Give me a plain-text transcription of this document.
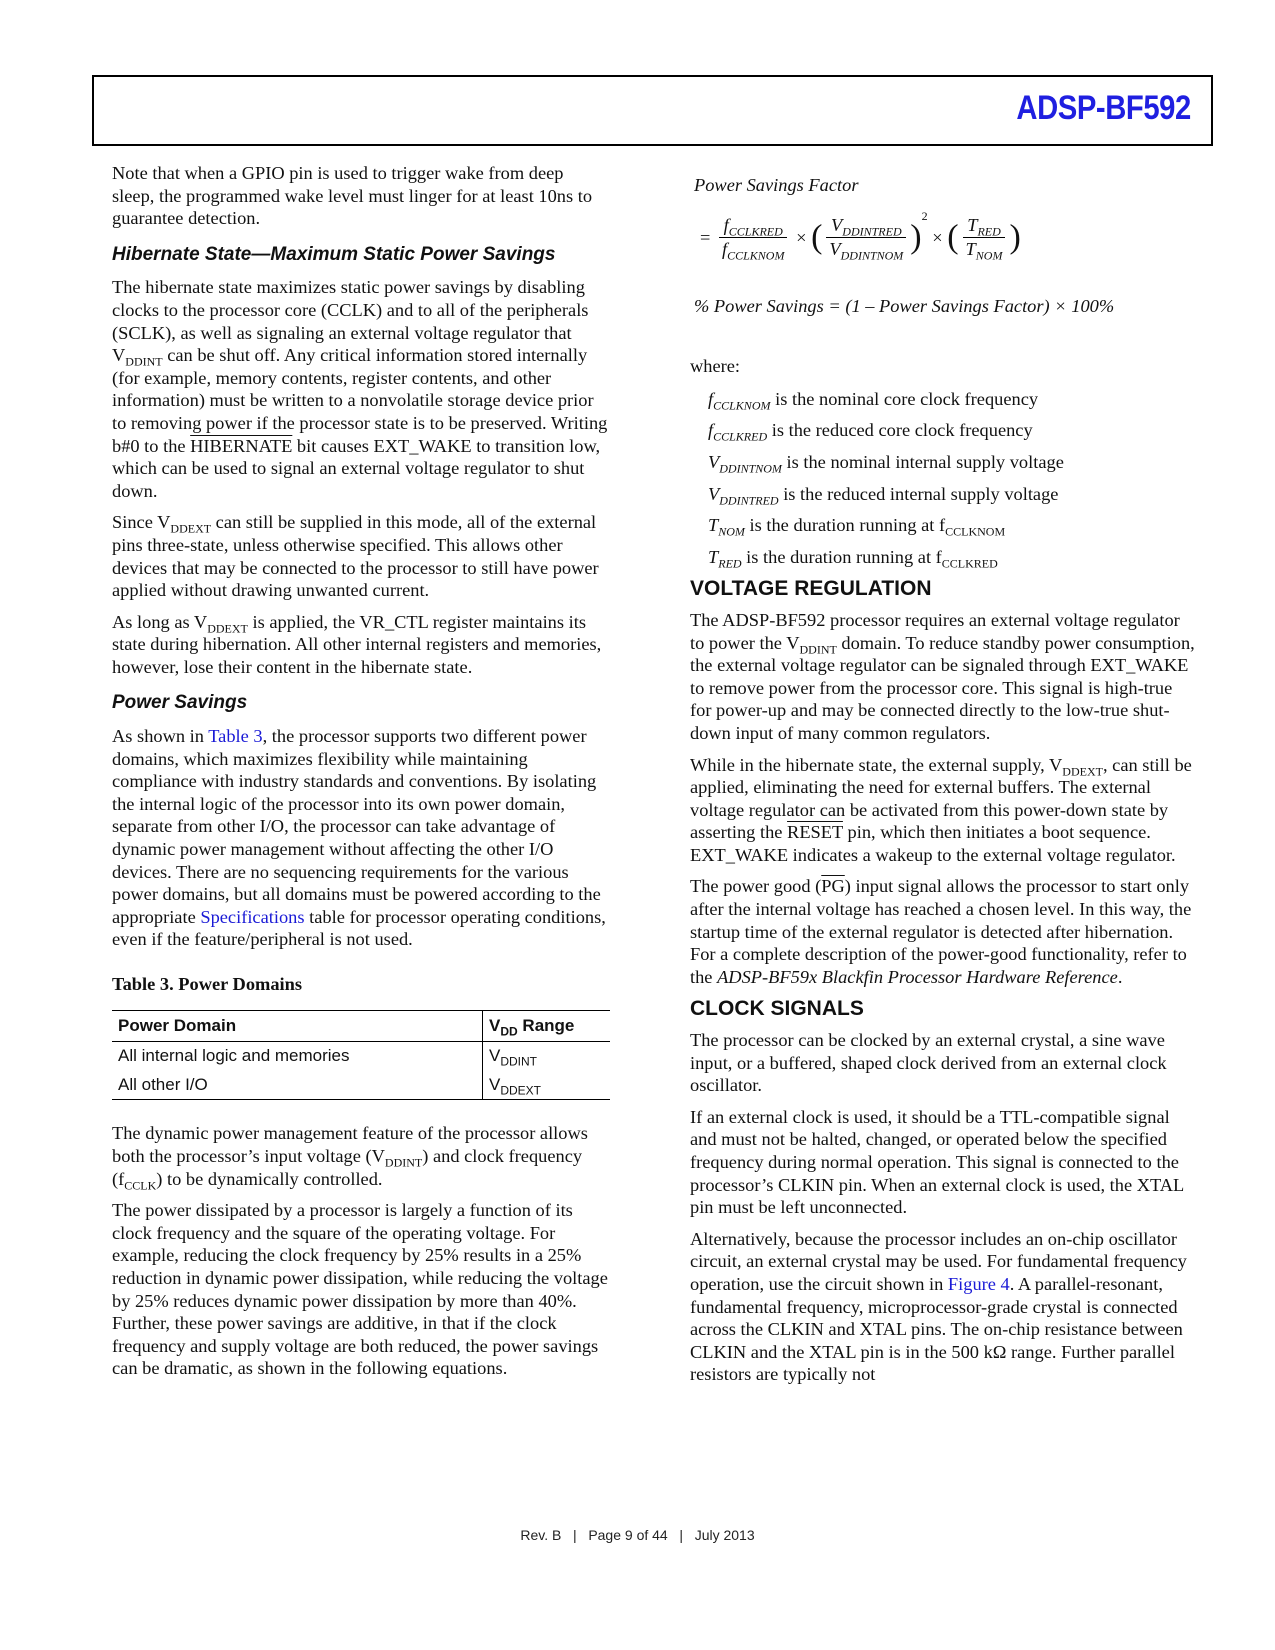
ADSP-BF592

Note that when a GPIO pin is used to trigger wake from deep sleep, the programmed wake level must linger for at least 10ns to guarantee detection.

Hibernate State—Maximum Static Power Savings

The hibernate state maximizes static power savings by disabling clocks to the processor core (CCLK) and to all of the peripherals (SCLK), as well as signaling an external voltage regulator that $V_{DDINT}$ can be shut off. Any critical information stored internally (for example, memory contents, register contents, and other information) must be written to a nonvolatile storage device prior to removing power if the processor state is to be preserved. Writing b#0 to the HIBERNATE bit causes EXT_WAKE to transition low, which can be used to signal an external voltage regulator to shut down.

Since $V_{DDEXT}$ can still be supplied in this mode, all of the external pins three-state, unless otherwise specified. This allows other devices that may be connected to the processor to still have power applied without drawing unwanted current.

As long as $V_{DDEXT}$ is applied, the VR_CTL register maintains its state during hibernation. All other internal registers and memories, however, lose their content in the hibernate state.

Power Savings

As shown in Table 3, the processor supports two different power domains, which maximizes flexibility while maintaining compliance with industry standards and conventions. By isolating the internal logic of the processor into its own power domain, separate from other I/O, the processor can take advantage of dynamic power management without affecting the other I/O devices. There are no sequencing requirements for the various power domains, but all domains must be powered according to the appropriate Specifications table for processor operating conditions, even if the feature/peripheral is not used.

Table 3. Power Domains
Power Domain	$V_{DD}$ Range
All internal logic and memories	$V_{DDINT}$
All other I/O	$V_{DDEXT}$

The dynamic power management feature of the processor allows both the processor’s input voltage $(V_{DDINT})$ and clock frequency $(f_{CCLK})$ to be dynamically controlled.

The power dissipated by a processor is largely a function of its clock frequency and the square of the operating voltage. For example, reducing the clock frequency by 25% results in a 25% reduction in dynamic power dissipation, while reducing the voltage by 25% reduces dynamic power dissipation by more than 40%. Further, these power savings are additive, in that if the clock frequency and supply voltage are both reduced, the power savings can be dramatic, as shown in the following equations.

Power Savings Factor
= $\frac{f_{CCLKRED}}{f_{CCLKNOM}}$ × ( $\frac{V_{DDINTRED}}{V_{DDINTNOM}} )^2$ × ( $\frac{T_{RED}}{T_{NOM}}$ )
% Power Savings = (1 – Power Savings Factor) × 100%

where:

$f_{CCLKNOM}$ is the nominal core clock frequency
$f_{CCLKRED}$ is the reduced core clock frequency
$V_{DDINTNOM}$ is the nominal internal supply voltage
$V_{DDINTRED}$ is the reduced internal supply voltage
$T_{NOM}$ is the duration running at $f_{CCLKNOM}$
$T_{RED}$ is the duration running at $f_{CCLKRED}$
VOLTAGE REGULATION

The ADSP-BF592 processor requires an external voltage regulator to power the $V_{DDINT}$ domain. To reduce standby power consumption, the external voltage regulator can be signaled through EXT_WAKE to remove power from the processor core. This signal is high-true for power-up and may be connected directly to the low-true shut-down input of many common regulators.

While in the hibernate state, the external supply, $V_{DDEXT}$, can still be applied, eliminating the need for external buffers. The external voltage regulator can be activated from this power-down state by asserting the RESET pin, which then initiates a boot sequence. EXT_WAKE indicates a wakeup to the external voltage regulator.

The power good $(\overline{PG})$ input signal allows the processor to start only after the internal voltage has reached a chosen level. In this way, the startup time of the external regulator is detected after hibernation. For a complete description of the power-good functionality, refer to the ADSP-BF59x Blackfin Processor Hardware Reference.

CLOCK SIGNALS

The processor can be clocked by an external crystal, a sine wave input, or a buffered, shaped clock derived from an external clock oscillator.

If an external clock is used, it should be a TTL-compatible signal and must not be halted, changed, or operated below the specified frequency during normal operation. This signal is connected to the processor’s CLKIN pin. When an external clock is used, the XTAL pin must be left unconnected.

Alternatively, because the processor includes an on-chip oscillator circuit, an external crystal may be used. For fundamental frequency operation, use the circuit shown in Figure 4. A parallel-resonant, fundamental frequency, microprocessor-grade crystal is connected across the CLKIN and XTAL pins. The on-chip resistance between CLKIN and the XTAL pin is in the 500 kΩ range. Further parallel resistors are typically not

Rev. B | Page 9 of 44 | July 2013
